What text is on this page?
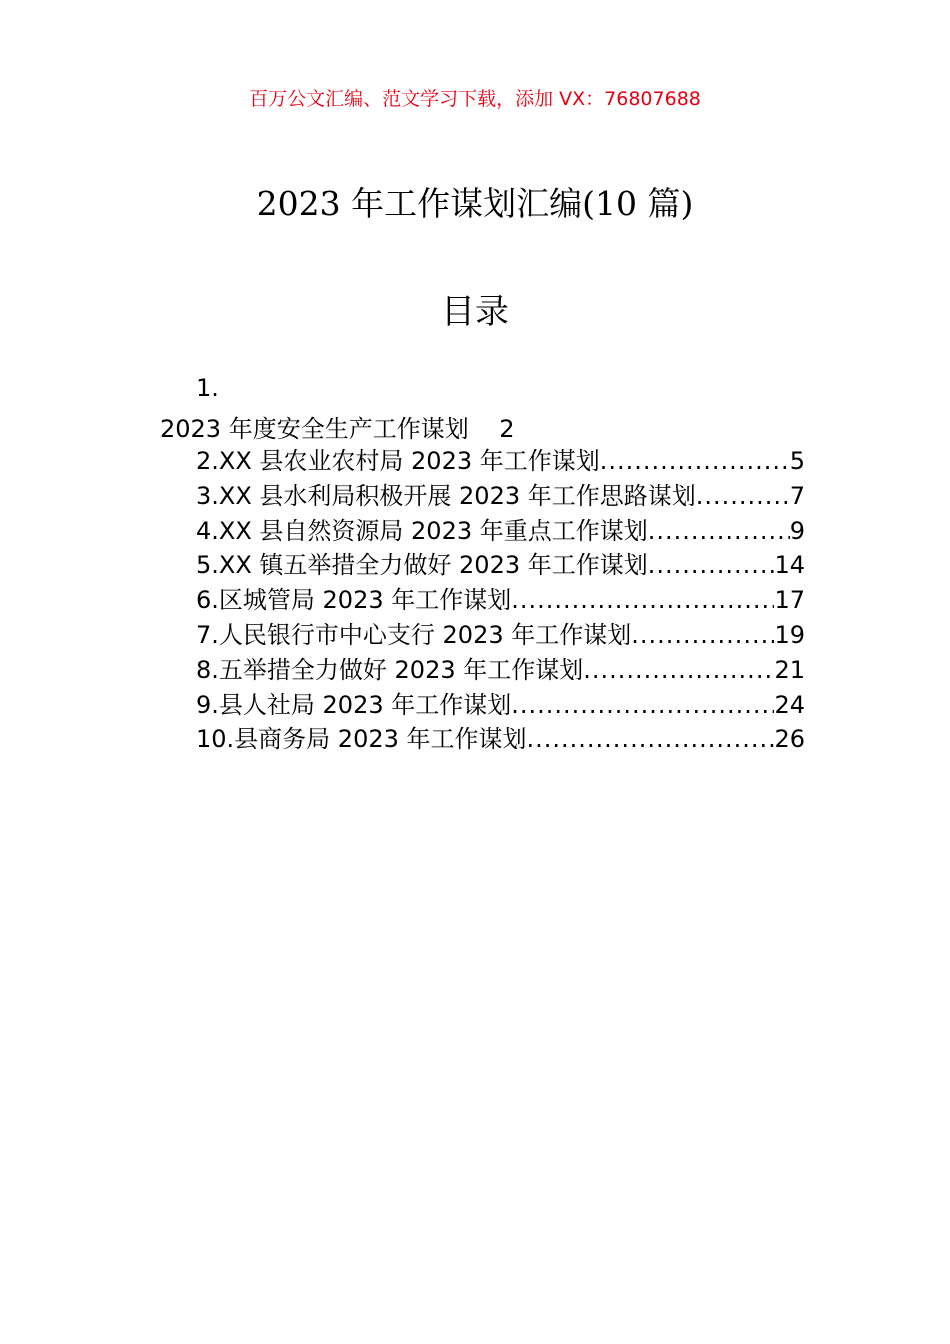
百万公文汇编、范文学习下载，添加 VX：76807688
2023 年工作谋划汇编(10 篇)
目录
1.
2023 年度安全生产工作谋划 2
2.XX 县农业农村局 2023 年工作谋划 .....	5
3.XX 县水利局积极开展 2023 年工作思路谋划 .....	7
4.XX 县自然资源局 2023 年重点工作谋划 .....	9
5.XX 镇五举措全力做好 2023 年工作谋划 .....	14
6.区城管局 2023 年工作谋划 .....	17
7.人民银行市中心支行 2023 年工作谋划 .....	19
8.五举措全力做好 2023 年工作谋划 .....	21
9.县人社局 2023 年工作谋划 .....	24
10.县商务局 2023 年工作谋划 .....	26
